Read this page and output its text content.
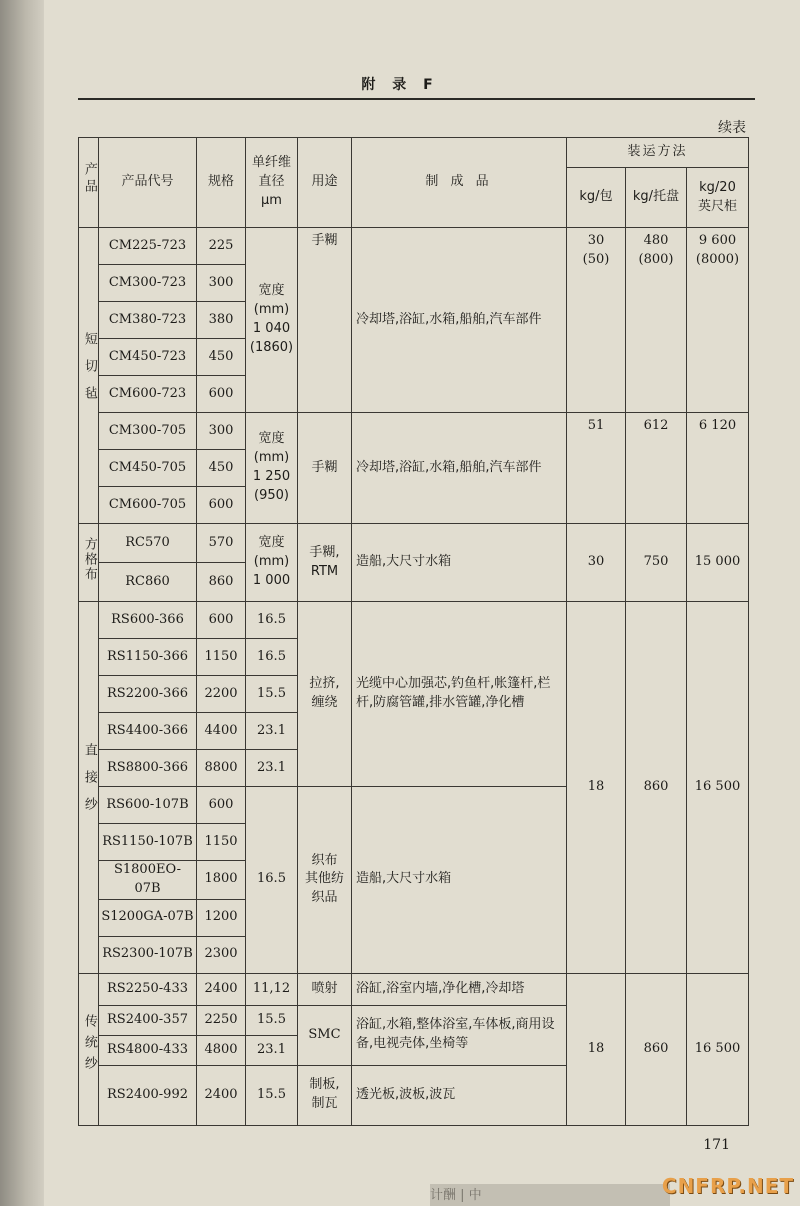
附 录 F
续表
产品	产品代号	规格	单纤维
直径
μm	用途	制 成 品	装运方法		
						kg/包	kg/托盘	kg/20
英尺柜
短切毡	CM225-723	225	宽度
(mm)
1 040
(1860)	手糊	冷却塔,浴缸,水箱,船舶,汽车部件	30
(50)	480
(800)	9 600
(8000)
	CM300-723	300						
	CM380-723	380						
	CM450-723	450						
	CM600-723	600						
	CM300-705	300	宽度
(mm)
1 250
(950)	手糊	冷却塔,浴缸,水箱,船舶,汽车部件	51	612	6 120
	CM450-705	450						
	CM600-705	600						
方格布	RC570	570	宽度
(mm)
1 000	手糊,
RTM	造船,大尺寸水箱	30	750	15 000
	RC860	860						
直接纱	RS600-366	600	16.5	拉挤,
缠绕	光缆中心加强芯,钓鱼杆,帐篷杆,栏杆,防腐管罐,排水管罐,净化槽	18	860	16 500
	RS1150-366	1150	16.5					
	RS2200-366	2200	15.5					
	RS4400-366	4400	23.1					
	RS8800-366	8800	23.1					
	RS600-107B	600	16.5	织布
其他纺
织品	造船,大尺寸水箱			
	RS1150-107B	1150						
	S1800EO-07B	1800						
	S1200GA-07B	1200						
	RS2300-107B	2300						
传统纱	RS2250-433	2400	11,12	喷射	浴缸,浴室内墙,净化槽,冷却塔	18	860	16 500
	RS2400-357	2250	15.5	SMC	浴缸,水箱,整体浴室,车体板,商用设备,电视壳体,坐椅等			
	RS4800-433	4800	23.1					
	RS2400-992	2400	15.5	制板,
制瓦	透光板,波板,波瓦			
171
计酬 | 中	CNFRP.NET
